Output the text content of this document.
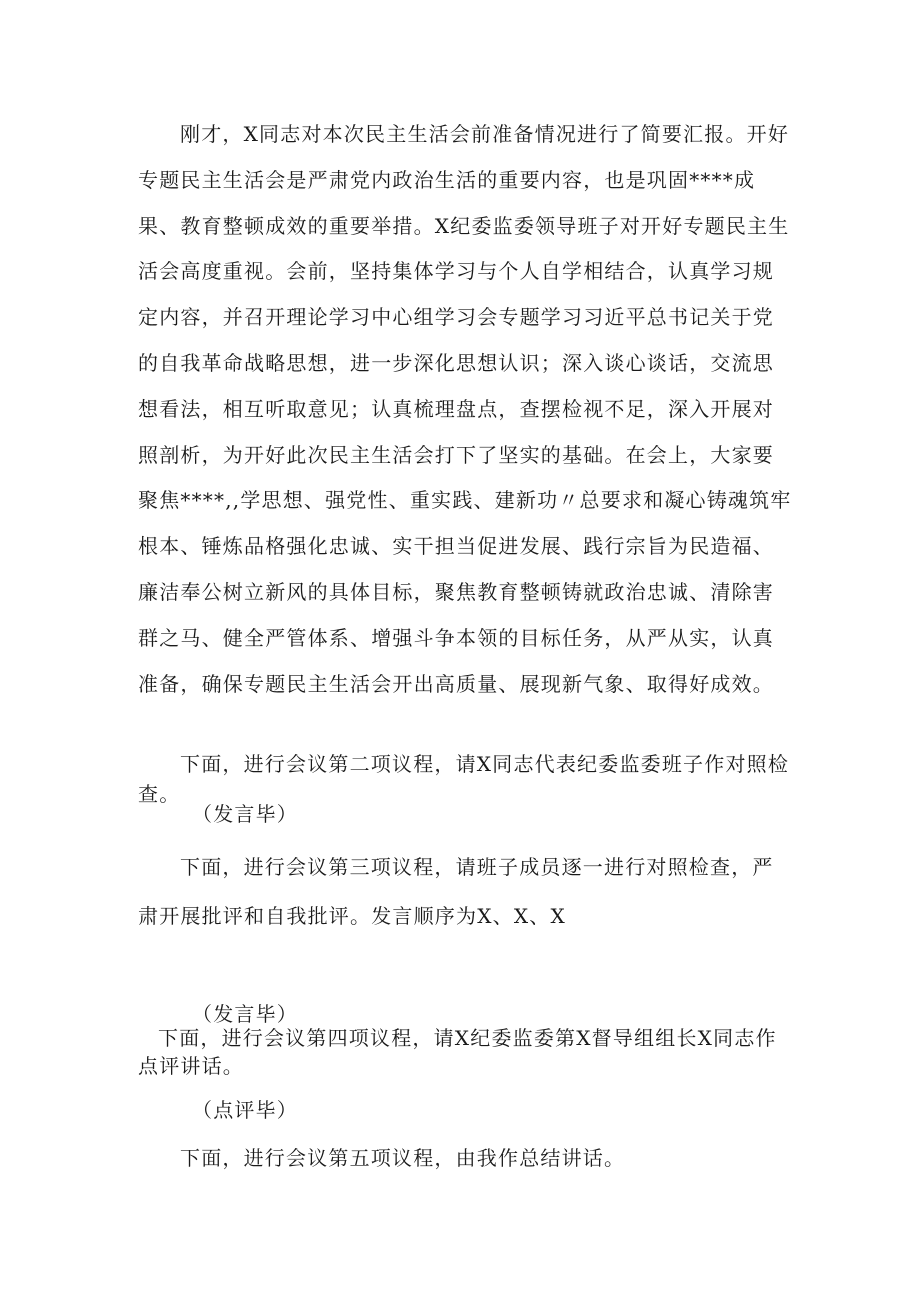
刚才，X同志对本次民主生活会前准备情况进行了简要汇报。开好专题民主生活会是严肃党内政治生活的重要内容，也是巩固****成果、教育整顿成效的重要举措。X纪委监委领导班子对开好专题民主生活会高度重视。会前，坚持集体学习与个人自学相结合，认真学习规定内容，并召开理论学习中心组学习会专题学习习近平总书记关于党的自我革命战略思想，进一步深化思想认识；深入谈心谈话，交流思想看法，相互听取意见；认真梳理盘点，查摆检视不足，深入开展对照剖析，为开好此次民主生活会打下了坚实的基础。在会上，大家要聚焦****,,学思想、强党性、重实践、建新功〃总要求和凝心铸魂筑牢根本、锤炼品格强化忠诚、实干担当促进发展、践行宗旨为民造福、廉洁奉公树立新风的具体目标，聚焦教育整顿铸就政治忠诚、清除害群之马、健全严管体系、增强斗争本领的目标任务，从严从实，认真准备，确保专题民主生活会开出高质量、展现新气象、取得好成效。
下面，进行会议第二项议程，请X同志代表纪委监委班子作对照检查。
（发言毕）
下面，进行会议第三项议程，请班子成员逐一进行对照检查，严肃开展批评和自我批评。发言顺序为X、X、X
（发言毕）
下面，进行会议第四项议程，请X纪委监委第X督导组组长X同志作点评讲话。
（点评毕）
下面，进行会议第五项议程，由我作总结讲话。
